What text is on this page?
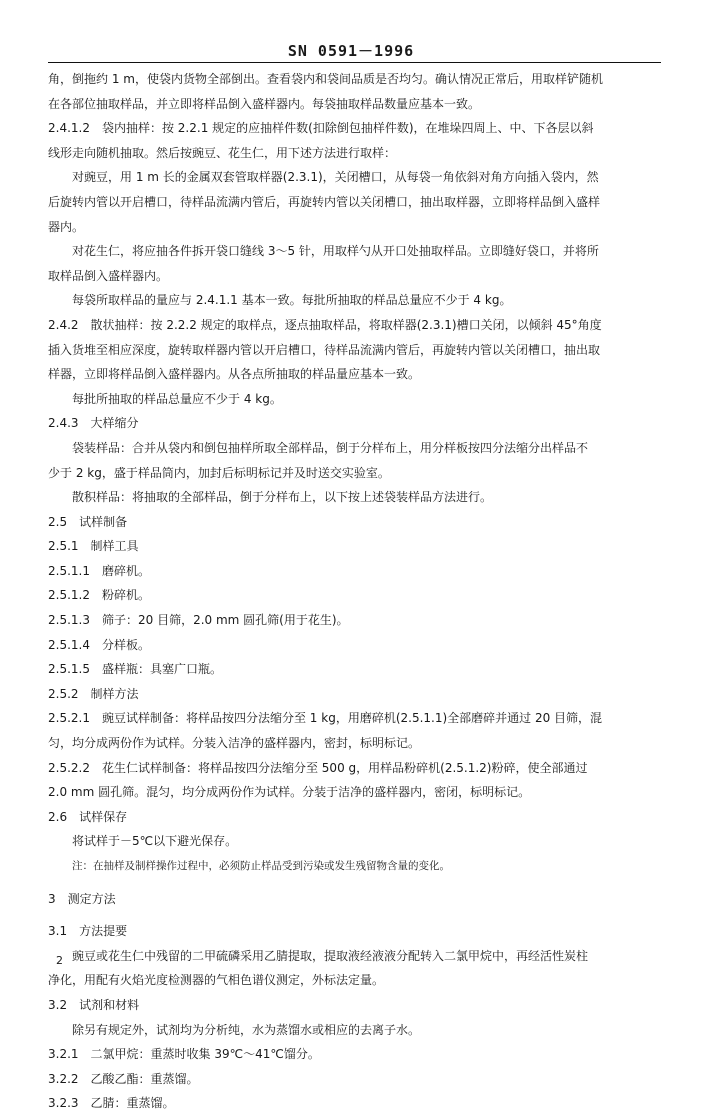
SN 0591－1996

角，倒拖约 1 m，使袋内货物全部倒出。查看袋内和袋间品质是否均匀。确认情况正常后，用取样铲随机

在各部位抽取样品，并立即将样品倒入盛样器内。每袋抽取样品数量应基本一致。

2.4.1.2　袋内抽样：按 2.2.1 规定的应抽样件数(扣除倒包抽样件数)，在堆垛四周上、中、下各层以斜

线形走向随机抽取。然后按豌豆、花生仁，用下述方法进行取样：

对豌豆，用 1 m 长的金属双套管取样器(2.3.1)，关闭槽口，从每袋一角依斜对角方向插入袋内，然

后旋转内管以开启槽口，待样品流满内管后，再旋转内管以关闭槽口，抽出取样器，立即将样品倒入盛样

器内。

对花生仁，将应抽各件拆开袋口缝线 3～5 针，用取样勺从开口处抽取样品。立即缝好袋口，并将所

取样品倒入盛样器内。

每袋所取样品的量应与 2.4.1.1 基本一致。每批所抽取的样品总量应不少于 4 kg。

2.4.2　散状抽样：按 2.2.2 规定的取样点，逐点抽取样品，将取样器(2.3.1)槽口关闭，以倾斜 45°角度

插入货堆至相应深度，旋转取样器内管以开启槽口，待样品流满内管后，再旋转内管以关闭槽口，抽出取

样器，立即将样品倒入盛样器内。从各点所抽取的样品量应基本一致。

每批所抽取的样品总量应不少于 4 kg。

2.4.3　大样缩分

袋装样品：合并从袋内和倒包抽样所取全部样品，倒于分样布上，用分样板按四分法缩分出样品不

少于 2 kg，盛于样品筒内，加封后标明标记并及时送交实验室。

散积样品：将抽取的全部样品，倒于分样布上，以下按上述袋装样品方法进行。

2.5　试样制备

2.5.1　制样工具

2.5.1.1　磨碎机。

2.5.1.2　粉碎机。

2.5.1.3　筛子：20 目筛，2.0 mm 圆孔筛(用于花生)。

2.5.1.4　分样板。

2.5.1.5　盛样瓶：具塞广口瓶。

2.5.2　制样方法

2.5.2.1　豌豆试样制备：将样品按四分法缩分至 1 kg，用磨碎机(2.5.1.1)全部磨碎并通过 20 目筛，混

匀，均分成两份作为试样。分装入洁净的盛样器内，密封，标明标记。

2.5.2.2　花生仁试样制备：将样品按四分法缩分至 500 g，用样品粉碎机(2.5.1.2)粉碎，使全部通过

2.0 mm 圆孔筛。混匀，均分成两份作为试样。分装于洁净的盛样器内，密闭，标明标记。

2.6　试样保存

将试样于－5℃以下避光保存。

注：在抽样及制样操作过程中，必须防止样品受到污染或发生残留物含量的变化。

3　测定方法

3.1　方法提要

豌豆或花生仁中残留的二甲硫磷采用乙腈提取，提取液经液液分配转入二氯甲烷中，再经活性炭柱

净化，用配有火焰光度检测器的气相色谱仪测定，外标法定量。

3.2　试剂和材料

除另有规定外，试剂均为分析纯，水为蒸馏水或相应的去离子水。

3.2.1　二氯甲烷：重蒸时收集 39℃～41℃馏分。

3.2.2　乙酸乙酯：重蒸馏。

3.2.3　乙腈：重蒸馏。

2
